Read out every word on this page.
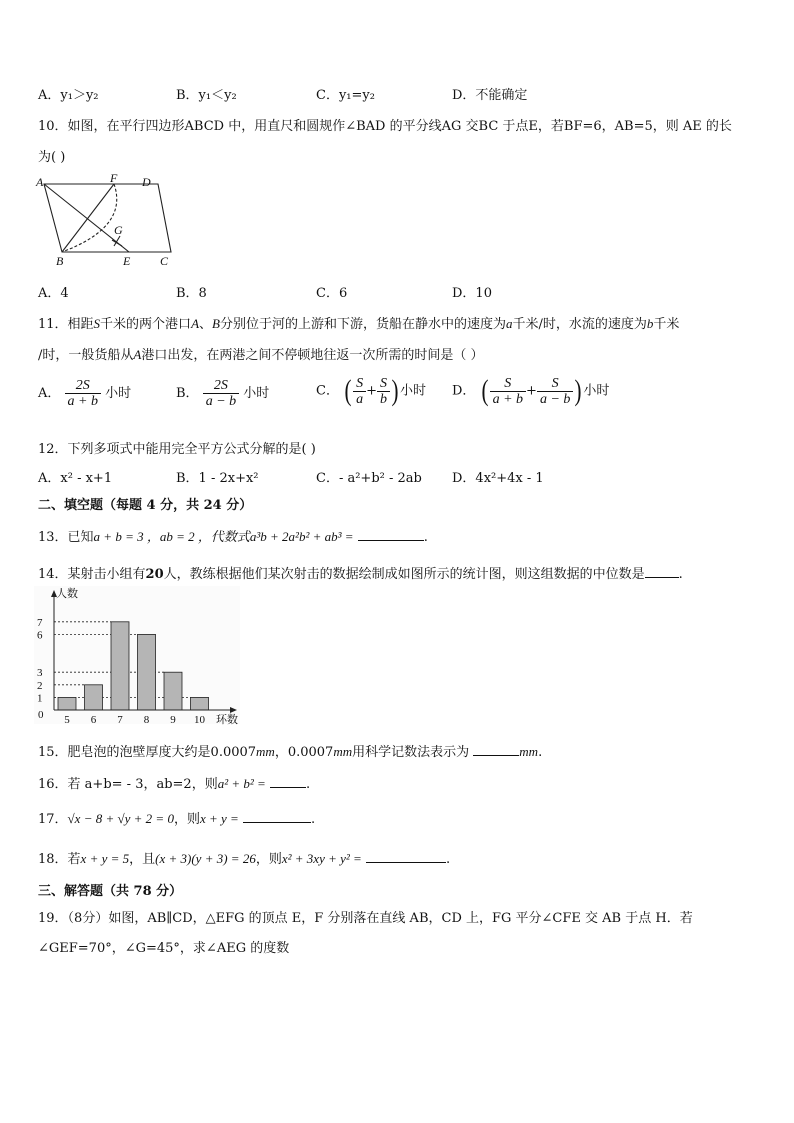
A．y₁＞y₂	B．y₁＜y₂	C．y₁=y₂	D．不能确定
10．如图，在平行四边形ABCD 中，用直尺和圆规作∠BAD 的平分线AG 交BC 于点E，若BF=6，AB=5，则 AE 的长
为( )
A	F D
G
B	E C
A．4	B．8	C．6	D．10
11．相距S千米的两个港口A、B分别位于河的上游和下游，货船在静水中的速度为a千米/时，水流的速度为b千米
/时，一般货船从A港口出发，在两港之间不停顿地往返一次所需的时间是（ ）
A． $\frac{2S}{a + b}$ 小时	B． $\frac{2S}{a - b}$ 小时	C． ( $\frac{S}{a} + \frac{S}{b}$ ) 小时 D． ( $\frac{S}{a + b} + \frac{S}{a - b}$ ) 小时
12．下列多项式中能用完全平方公式分解的是( )
A．x² - x+1	B．1 - 2x+x²	C．- a²+b² - 2ab D．4x²+4x - 1
二、填空题（每题 4 分，共 24 分）
13．已知a + b = 3 ，ab = 2 ，代数式a³b + 2a²b² + ab³ =	.
14．某射击小组有20人，教练根据他们某次射击的数据绘制成如图所示的统计图，则这组数据的中位数是	.
0
1
2
3
6
7
5 6 7 8 9 10
人数
环数
15．肥皂泡的泡壁厚度大约是0.0007mm，0.0007mm用科学记数法表示为	mm.
16．若 a+b= - 3，ab=2，则a² + b² =	.
17．√x − 8 + √y + 2 = 0，则x + y =	.
18．若x + y = 5，且(x + 3)(y + 3) = 26，则x² + 3xy + y² =	.
三、解答题（共 78 分）
19．（8分）如图，AB∥CD，△EFG 的顶点 E，F 分别落在直线 AB，CD 上，FG 平分∠CFE 交 AB 于点 H．若
∠GEF=70°，∠G=45°，求∠AEG 的度数
